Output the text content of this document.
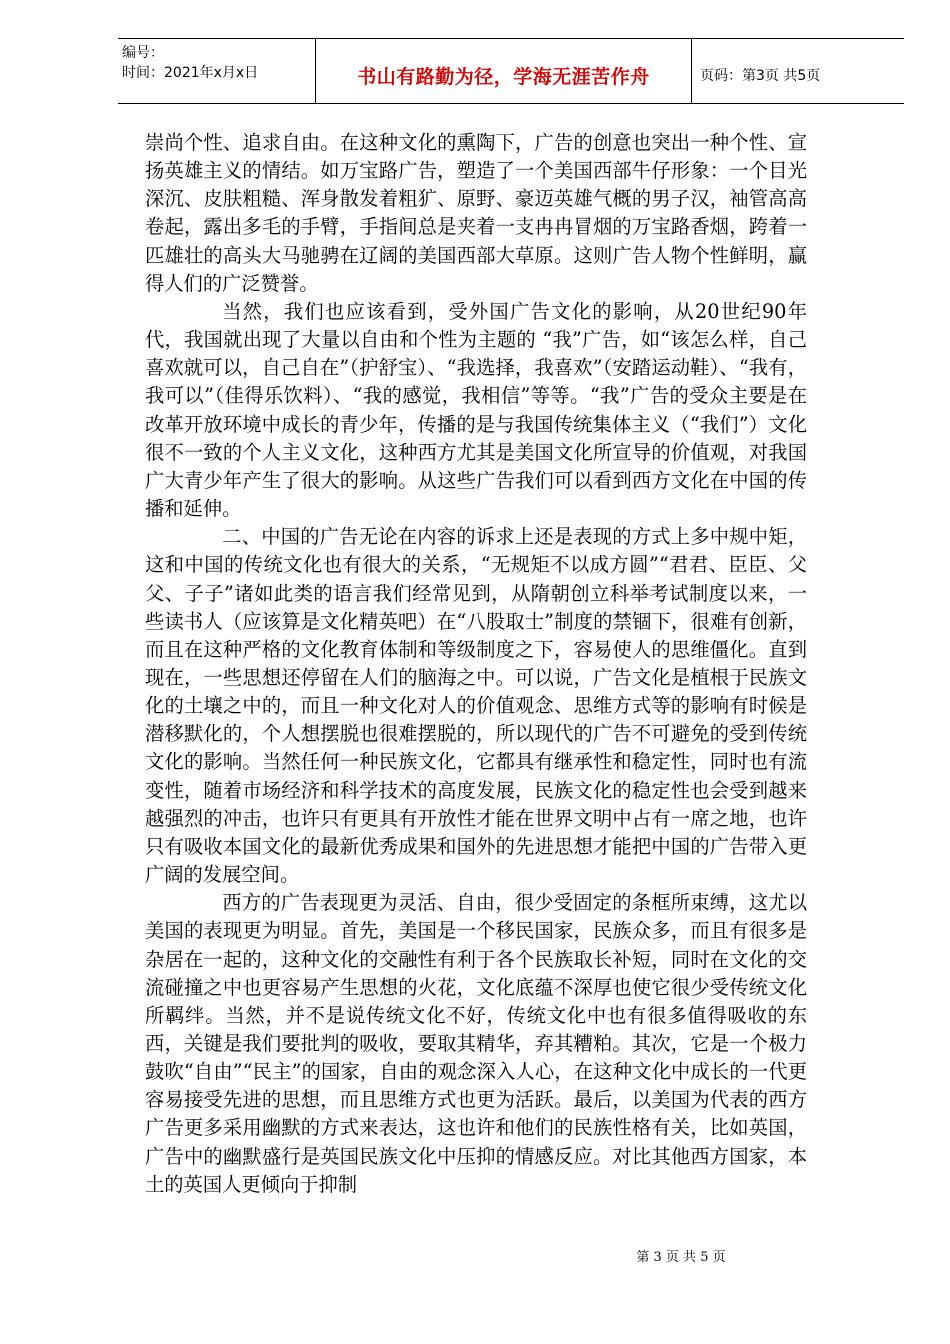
编号：
时间：2021年x月x日	书山有路勤为径，学海无涯苦作舟	页码：第3页 共5页

崇尚个性、追求自由。在这种文化的熏陶下，广告的创意也突出一种个性、宣扬英雄主义的情结。如万宝路广告，塑造了一个美国西部牛仔形象：一个目光深沉、皮肤粗糙、浑身散发着粗犷、原野、豪迈英雄气概的男子汉，袖管高高卷起，露出多毛的手臂，手指间总是夹着一支冉冉冒烟的万宝路香烟，跨着一匹雄壮的高头大马驰骋在辽阔的美国西部大草原。这则广告人物个性鲜明，赢得人们的广泛赞誉。

当然，我们也应该看到，受外国广告文化的影响，从20世纪90年代，我国就出现了大量以自由和个性为主题的 “我”广告，如“该怎么样，自己喜欢就可以，自己自在”（护舒宝）、“我选择，我喜欢”（安踏运动鞋）、“我有，我可以”（佳得乐饮料）、“我的感觉，我相信”等等。“我”广告的受众主要是在改革开放环境中成长的青少年，传播的是与我国传统集体主义（“我们”）文化很不一致的个人主义文化，这种西方尤其是美国文化所宣导的价值观，对我国广大青少年产生了很大的影响。从这些广告我们可以看到西方文化在中国的传播和延伸。

二、中国的广告无论在内容的诉求上还是表现的方式上多中规中矩，这和中国的传统文化也有很大的关系，“无规矩不以成方圆”“君君、臣臣、父父、子子”诸如此类的语言我们经常见到，从隋朝创立科举考试制度以来，一些读书人（应该算是文化精英吧）在“八股取士”制度的禁锢下，很难有创新，而且在这种严格的文化教育体制和等级制度之下，容易使人的思维僵化。直到现在，一些思想还停留在人们的脑海之中。可以说，广告文化是植根于民族文化的土壤之中的，而且一种文化对人的价值观念、思维方式等的影响有时候是潜移默化的，个人想摆脱也很难摆脱的，所以现代的广告不可避免的受到传统文化的影响。当然任何一种民族文化，它都具有继承性和稳定性，同时也有流变性，随着市场经济和科学技术的高度发展，民族文化的稳定性也会受到越来越强烈的冲击，也许只有更具有开放性才能在世界文明中占有一席之地，也许只有吸收本国文化的最新优秀成果和国外的先进思想才能把中国的广告带入更广阔的发展空间。

西方的广告表现更为灵活、自由，很少受固定的条框所束缚，这尤以美国的表现更为明显。首先，美国是一个移民国家，民族众多，而且有很多是杂居在一起的，这种文化的交融性有利于各个民族取长补短，同时在文化的交流碰撞之中也更容易产生思想的火花，文化底蕴不深厚也使它很少受传统文化所羁绊。当然，并不是说传统文化不好，传统文化中也有很多值得吸收的东西，关键是我们要批判的吸收，要取其精华，弃其糟粕。其次，它是一个极力鼓吹“自由”“民主”的国家，自由的观念深入人心，在这种文化中成长的一代更容易接受先进的思想，而且思维方式也更为活跃。最后，以美国为代表的西方广告更多采用幽默的方式来表达，这也许和他们的民族性格有关，比如英国，广告中的幽默盛行是英国民族文化中压抑的情感反应。对比其他西方国家，本土的英国人更倾向于抑制

第 3 页 共 5 页
